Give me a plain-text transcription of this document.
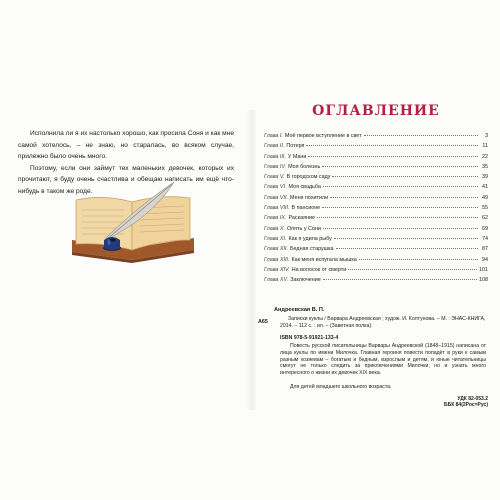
Исполнила ли я их настолько хорошо, как просила Соня и как мне самой хотелось, – не знаю, но старалась, во всяком случае, прилежно было очень много.

Поэтому, если они займут тех маленьких девочек, которых их прочитают, я буду очень счастлива и обещаю написать им ещё что-нибудь в таком же роде.

ОГЛАВЛЕНИЕ
Глава I. Моё первое вступление в свет	3
Глава II. Потеря	11
Глава III. У Мани	22
Глава IV. Моя болезнь	35
Глава V. В городском саду	39
Глава VI. Моя свадьба	41
Глава VII. Меня похитили	49
Глава VIII. В пансионе	55
Глава IX. Раскаяние	62
Глава X. Опять у Сони	69
Глава XI. Как я удила рыбу	74
Глава XII. Бедная старушка	87
Глава XIII. Как меня испугала мышка	94
Глава XIV. На волосок от смерти	101
Глава XV. Заключение	108
Андреевская В. П.
А65	Записки куклы / Варвара Андреевская ; худож. И. Колтунова. – М. : ЭНАС-КНИГА, 2014. – 112 с. : ил. – (Заветная полка).
ISBN 978-5-91921-133-4
Повесть русской писательницы Варвары Андреевской (1848–1915) написана от лица куклы по имени Милочка. Главная героиня повести попадёт в руки к самым разным хозяевам – богатым и бедным, взрослым и детям, и юные читательницы смогут не только следить за приключениями Милочки, но и узнать много интересного о жизни их девочек XIX века.
Для детей младшего школьного возраста.
УДК 82-053.2
ББК 84(2Рос=Рус)
